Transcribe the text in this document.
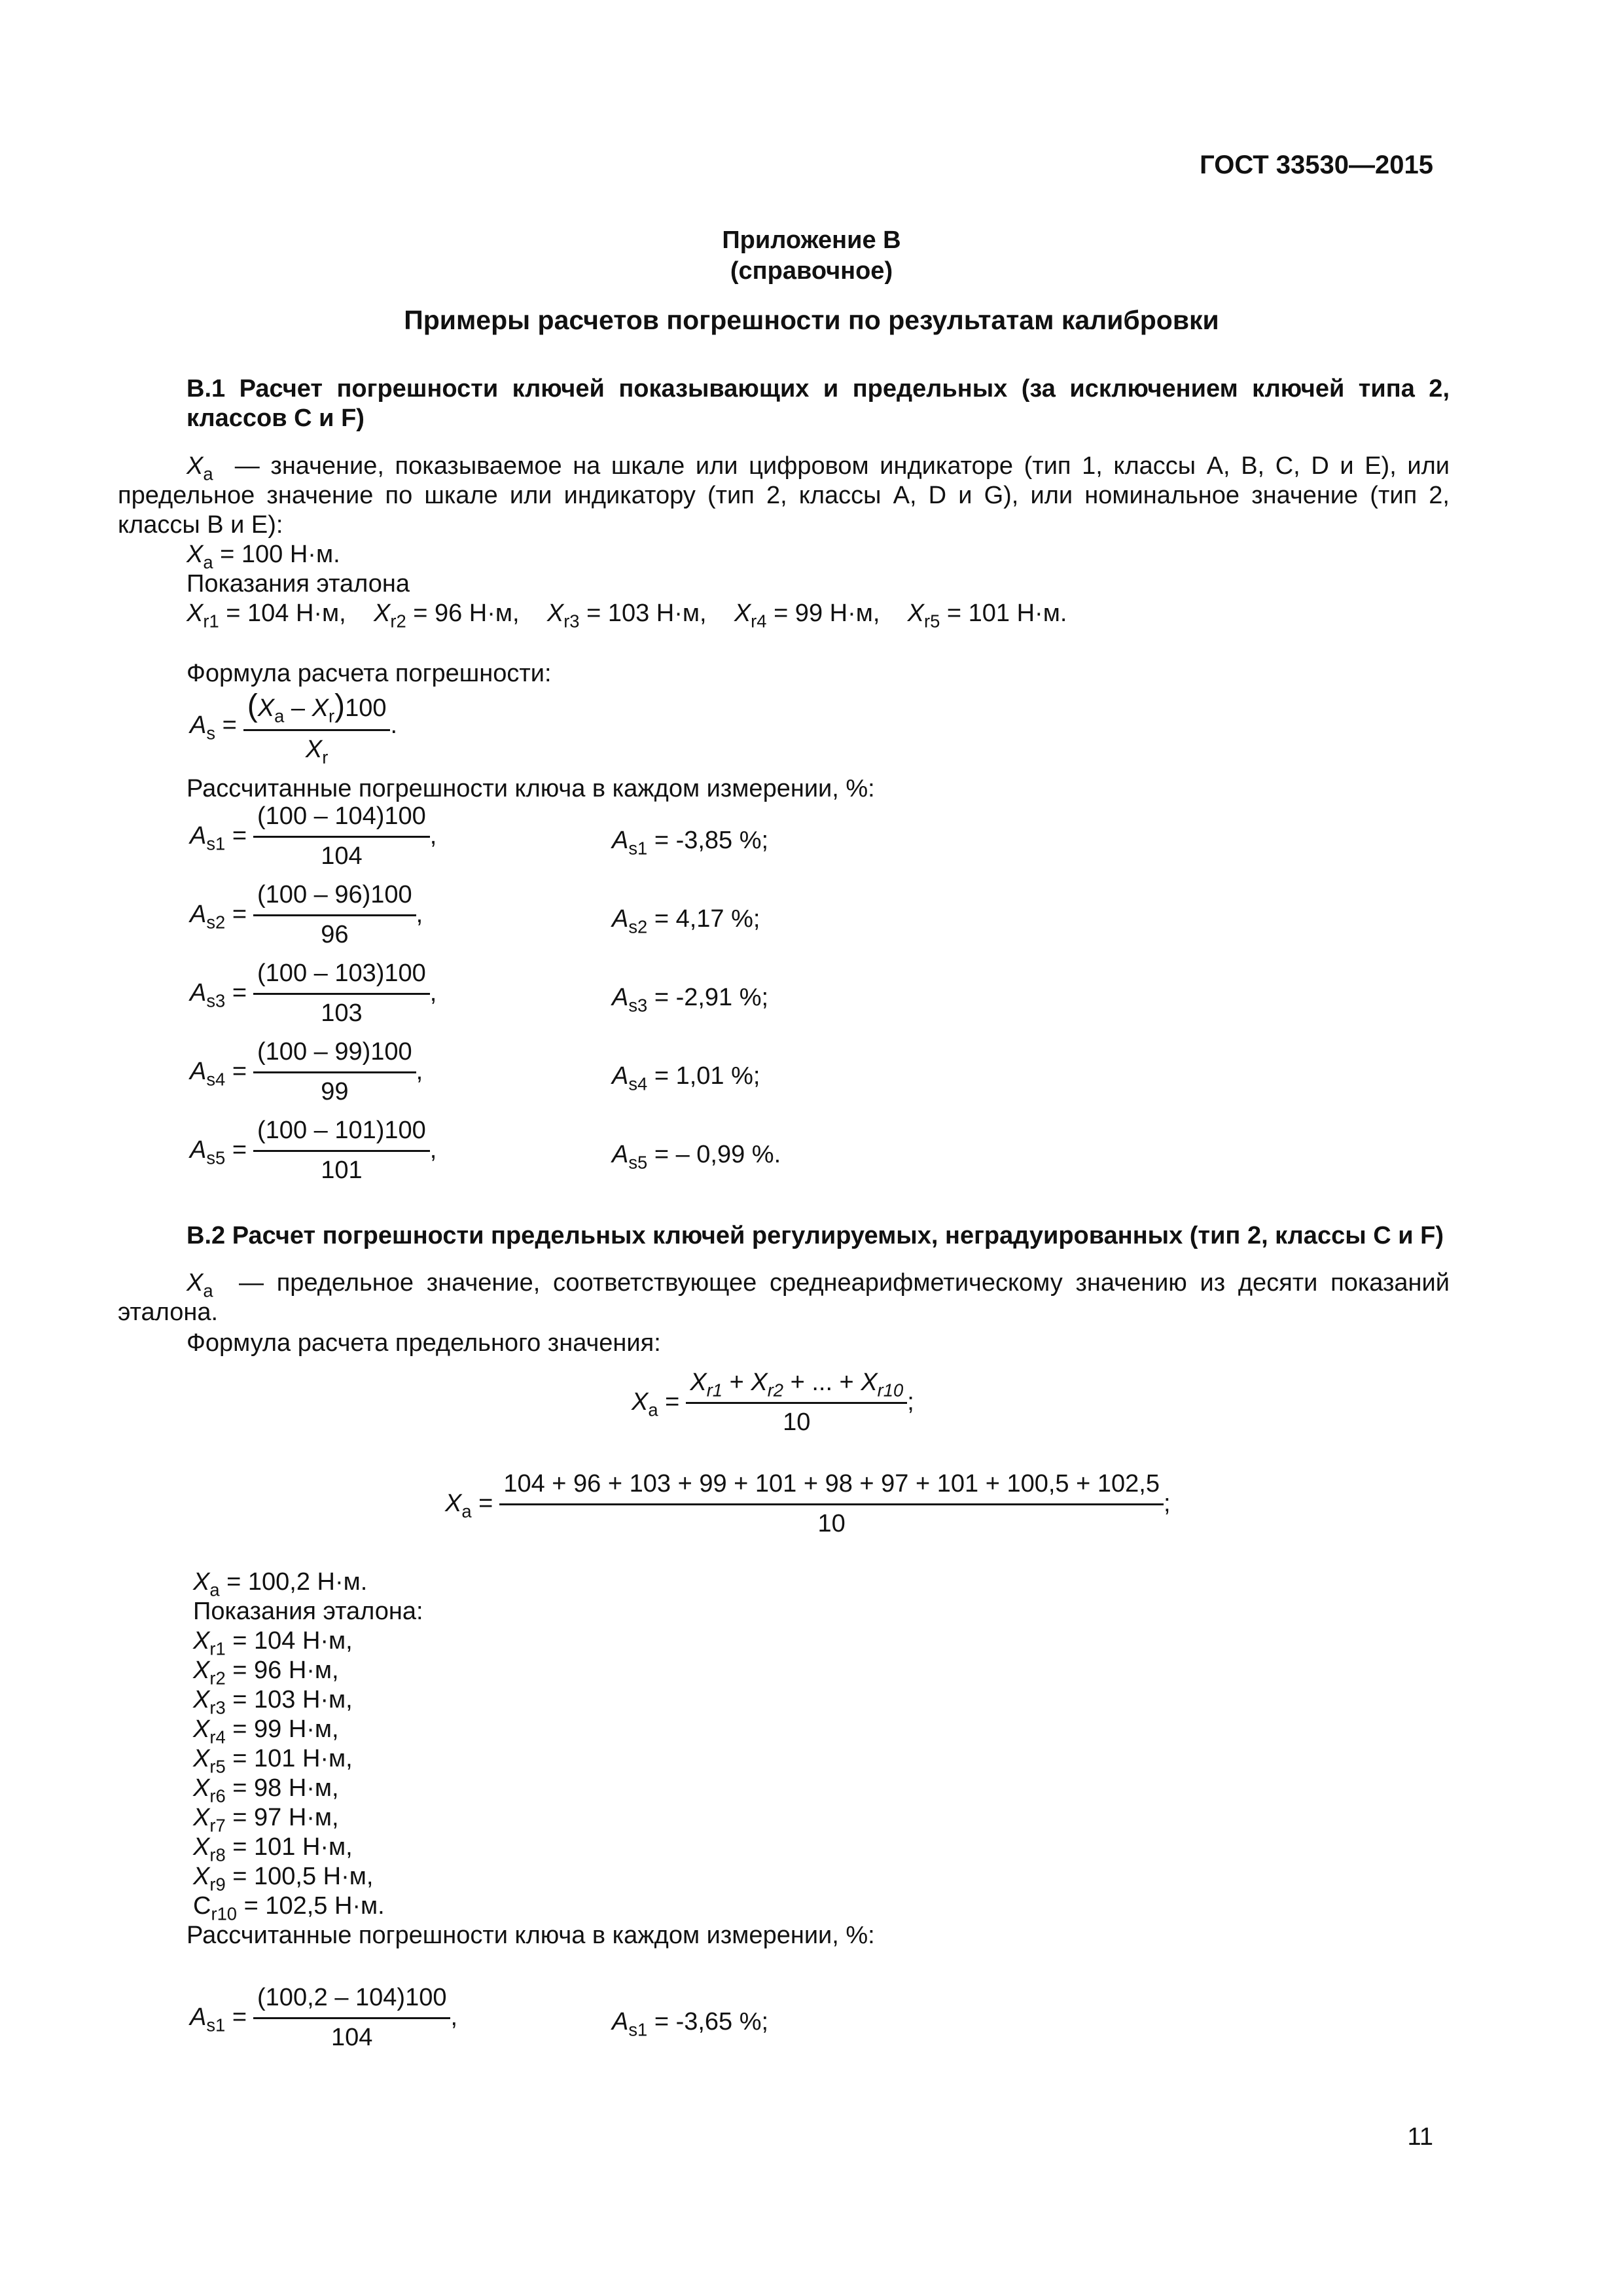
ГОСТ 33530—2015
Приложение В
(справочное)
Примеры расчетов погрешности по результатам калибровки
В.1 Расчет погрешности ключей показывающих и предельных (за исключением ключей типа 2, классов С и F)
$X_a$ — значение, показываемое на шкале или цифровом индикаторе (тип 1, классы А, В, С, D и Е), или предельное значение по шкале или индикатору (тип 2, классы А, D и G), или номинальное значение (тип 2, классы В и Е):
$X_a = 100$ Н·м.
Показания эталона
$X_{r1} = 104$ Н·м, $X_{r2} = 96$ Н·м, $X_{r3} = 103$ Н·м, $X_{r4} = 99$ Н·м, $X_{r5} = 101$ Н·м.
Формула расчета погрешности:
$A_s = \frac{(X_a - X_r)100}{X_r}$ .
Рассчитанные погрешности ключа в каждом измерении, %:
$A_{s1} = \frac{(100 - 104)100}{104}$ ,	$A_{s1} = -3,85$ %;
$A_{s2} = \frac{(100 - 96)100}{96}$ ,	$A_{s2} = 4,17$ %;
$A_{s3} = \frac{(100 - 103)100}{103}$ ,	$A_{s3} = -2,91$ %;
$A_{s4} = \frac{(100 - 99)100}{99}$ ,	$A_{s4} = 1,01$ %;
$A_{s5} = \frac{(100 - 101)100}{101}$ ,	$A_{s5}$ = – 0,99 %.
В.2 Расчет погрешности предельных ключей регулируемых, неградуированных (тип 2, классы С и F)
$X_a$ — предельное значение, соответствующее среднеарифметическому значению из десяти показаний эталона.
Формула расчета предельного значения:
$X_a = \frac{X_{r1} + X_{r2} + ... + X_{r10}}{10}$ ;
$X_a = \frac{104 + 96 + 103 + 99 + 101 + 98 + 97 + 101 + 100,5 + 102,5}{10}$ ;
$X_a = 100,2$ Н·м.
Показания эталона:
$X_{r1} = 104$ Н·м,
$X_{r2} = 96$ Н·м,
$X_{r3} = 103$ Н·м,
$X_{r4} = 99$ Н·м,
$X_{r5} = 101$ Н·м,
$X_{r6} = 98$ Н·м,
$X_{r7} = 97$ Н·м,
$X_{r8} = 101$ Н·м,
$X_{r9} = 100,5$ Н·м,
$C_{r10} = 102,5$ Н·м.
Рассчитанные погрешности ключа в каждом измерении, %:
$A_{s1} = \frac{(100,2 - 104)100}{104}$ ,	$A_{s1} = -3,65$ %;
11
